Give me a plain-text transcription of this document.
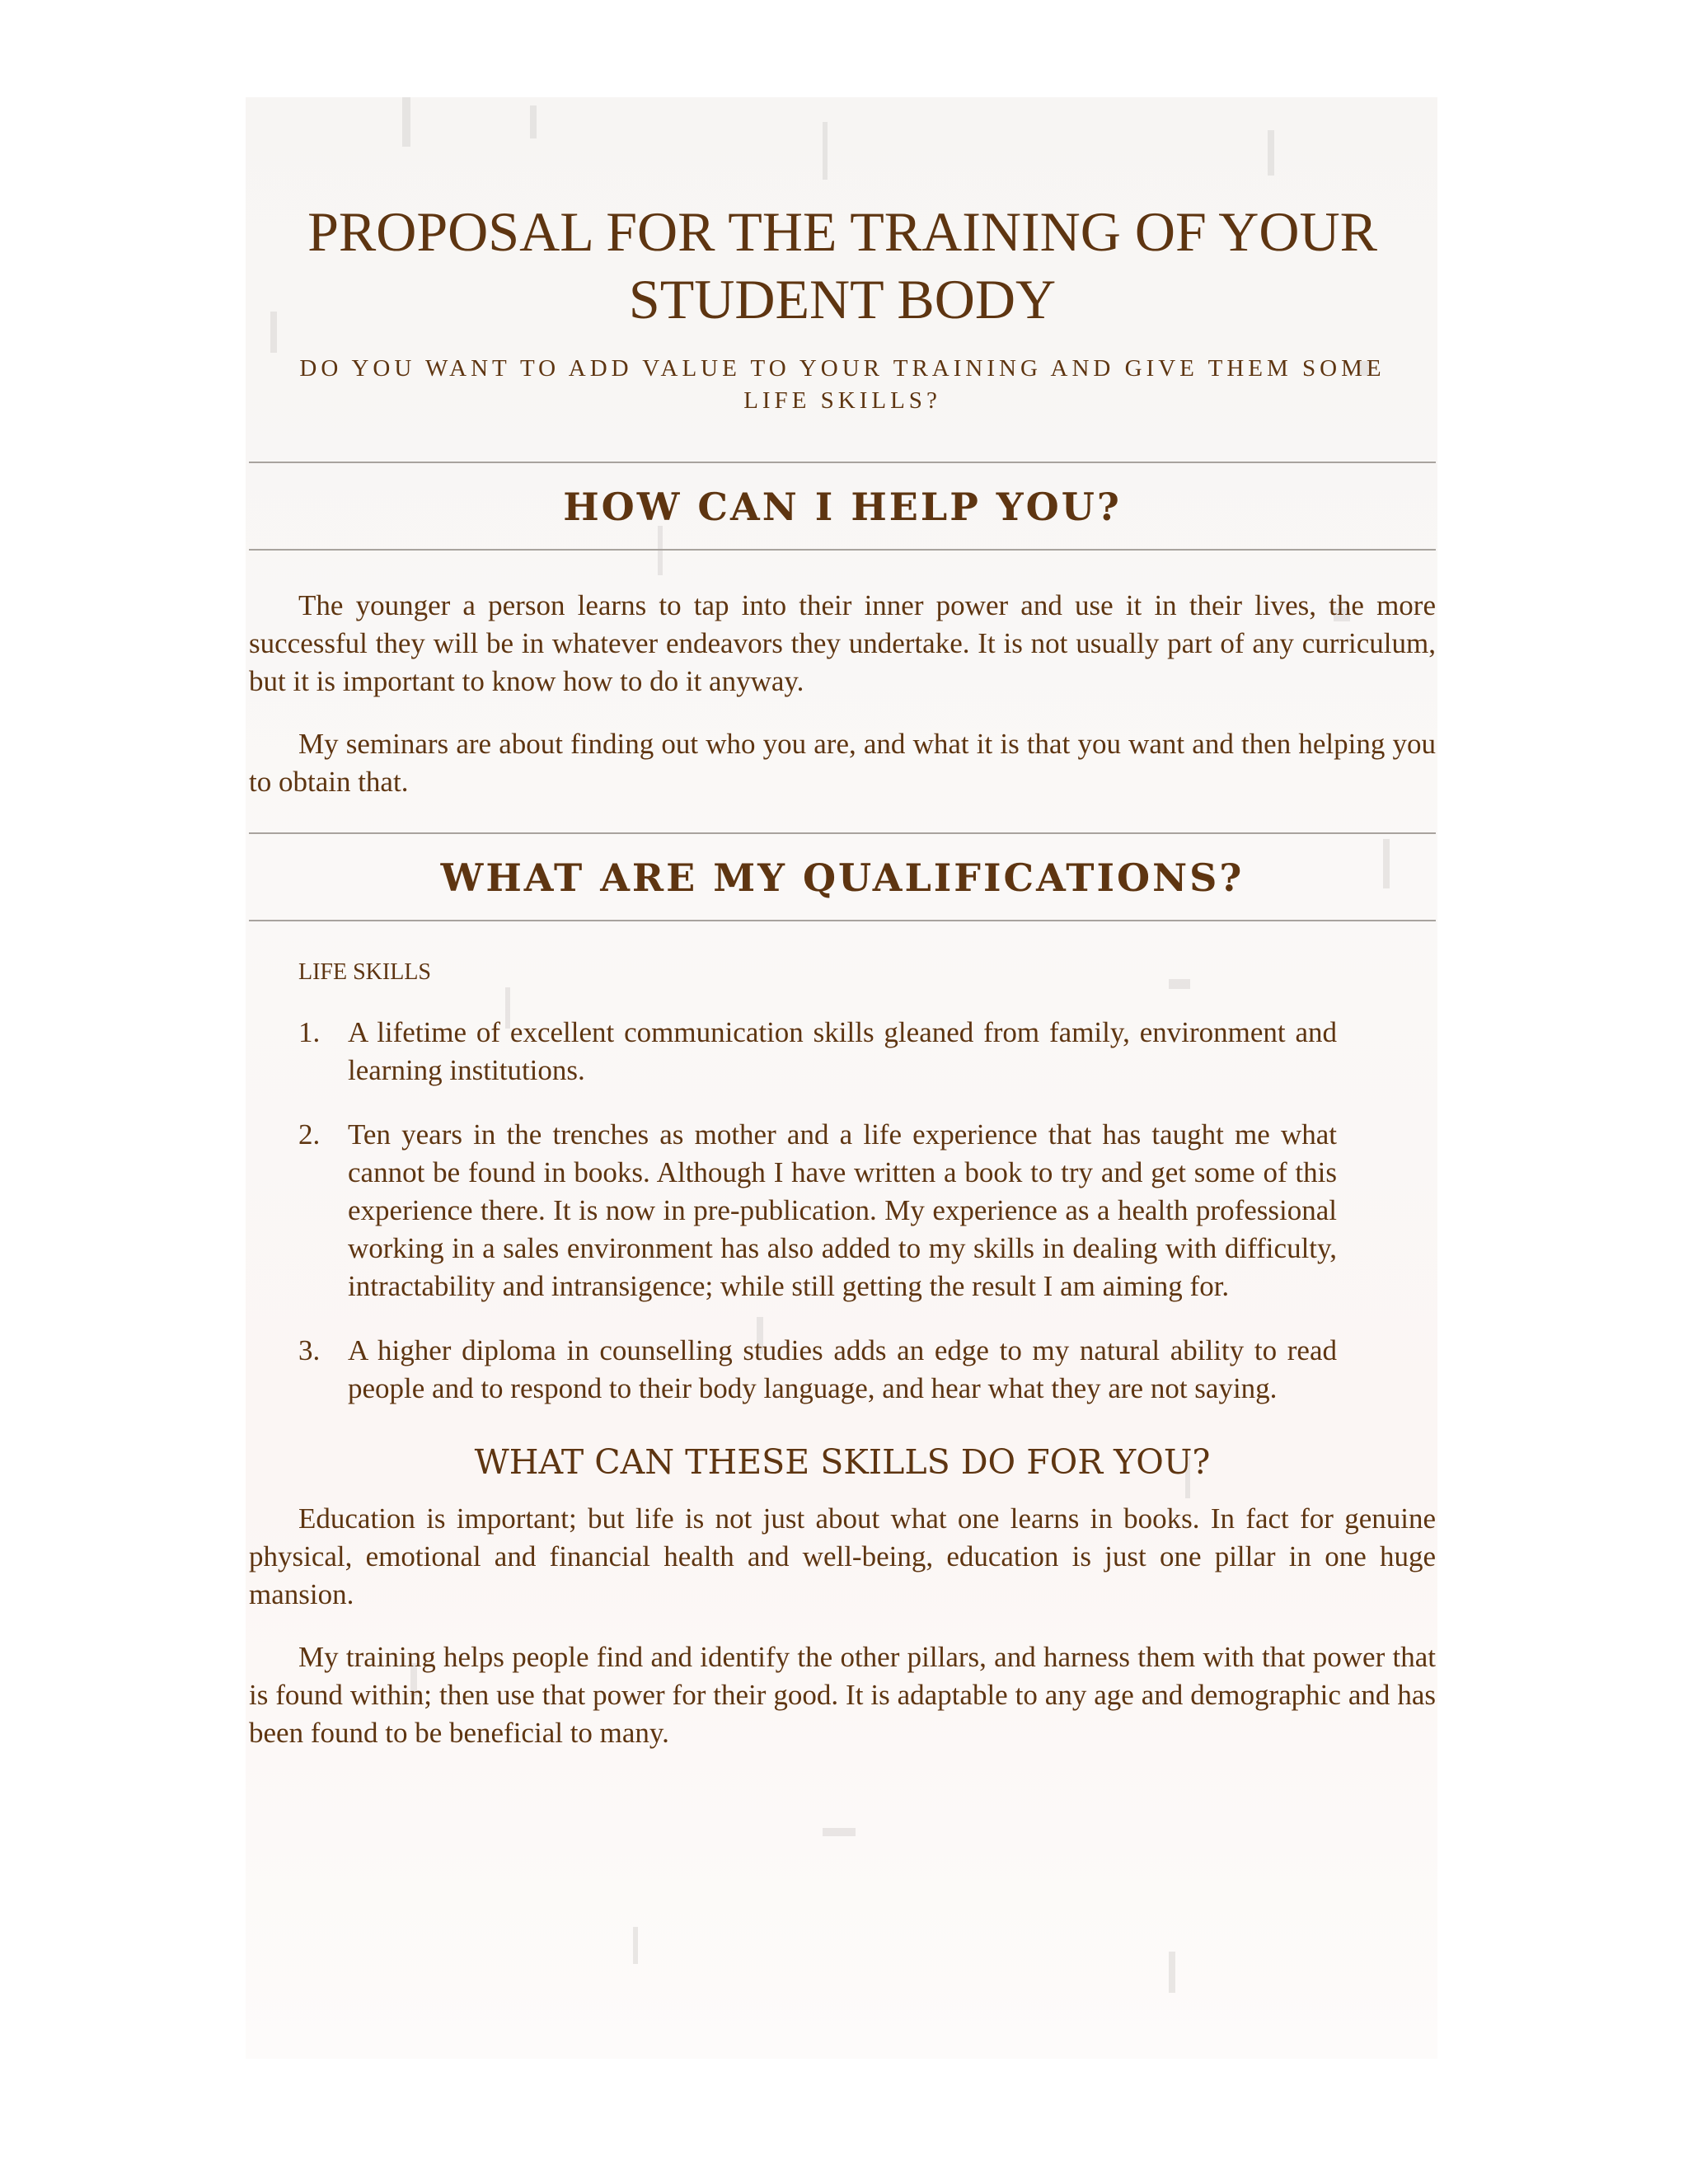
PROPOSAL FOR THE TRAINING OF YOUR STUDENT BODY

DO YOU WANT TO ADD VALUE TO YOUR TRAINING AND GIVE THEM SOME LIFE SKILLS?

HOW CAN I HELP YOU?

The younger a person learns to tap into their inner power and use it in their lives, the more successful they will be in whatever endeavors they undertake. It is not usually part of any curriculum, but it is important to know how to do it anyway.

My seminars are about finding out who you are, and what it is that you want and then helping you to obtain that.

WHAT ARE MY QUALIFICATIONS?

LIFE SKILLS

1. A lifetime of excellent communication skills gleaned from family, environment and learning institutions.
2. Ten years in the trenches as mother and a life experience that has taught me what cannot be found in books. Although I have written a book to try and get some of this experience there. It is now in pre-publication. My experience as a health professional working in a sales environment has also added to my skills in dealing with difficulty, intractability and intransigence; while still getting the result I am aiming for.
3. A higher diploma in counselling studies adds an edge to my natural ability to read people and to respond to their body language, and hear what they are not saying.
WHAT CAN THESE SKILLS DO FOR YOU?

Education is important; but life is not just about what one learns in books. In fact for genuine physical, emotional and financial health and well-being, education is just one pillar in one huge mansion.

My training helps people find and identify the other pillars, and harness them with that power that is found within; then use that power for their good. It is adaptable to any age and demographic and has been found to be beneficial to many.
